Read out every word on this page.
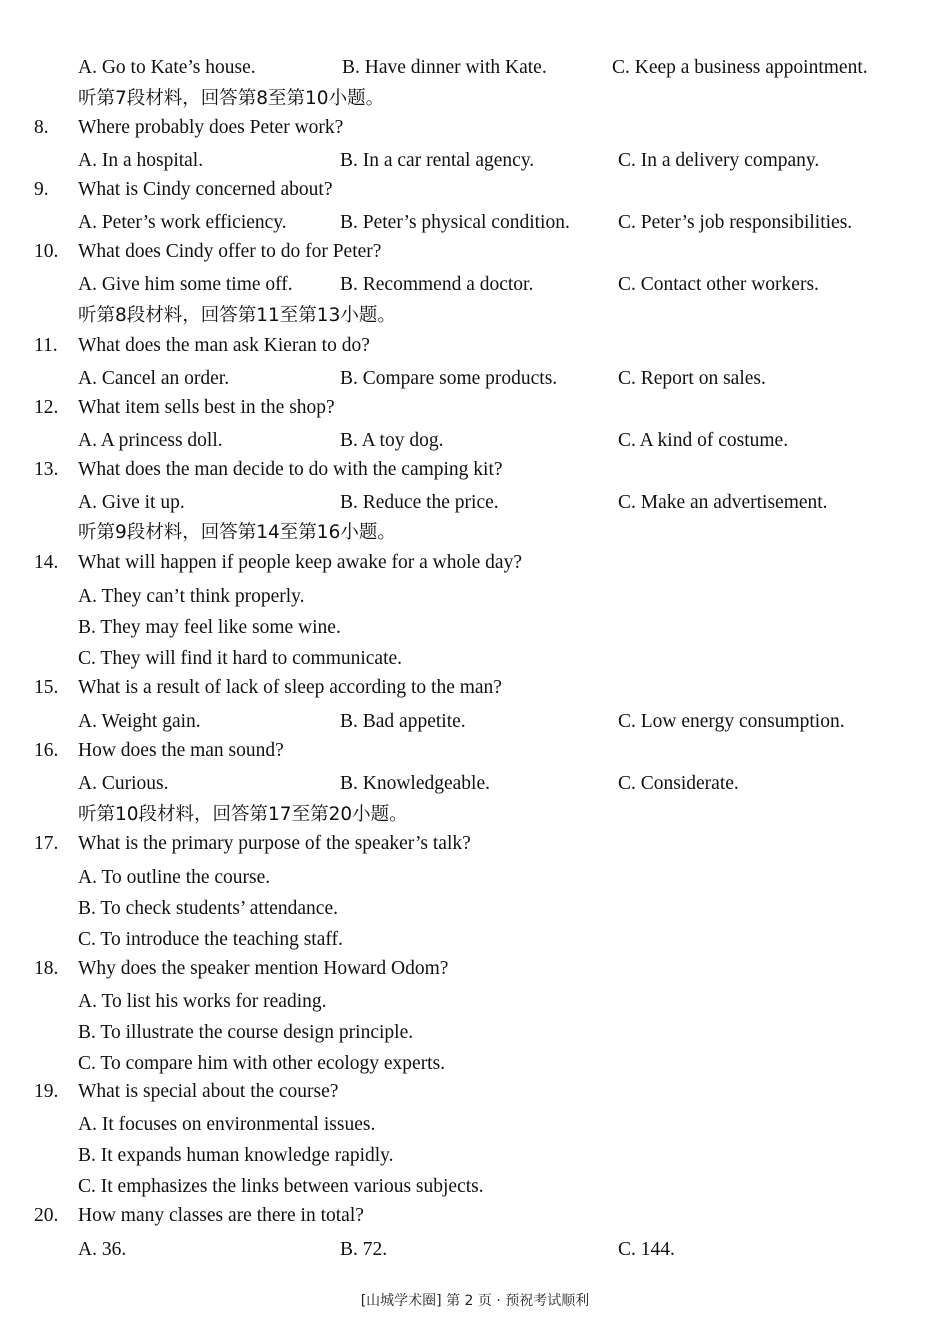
A. Go to Kate’s house.	B. Have dinner with Kate.	C. Keep a business appointment.
听第7段材料，回答第8至第10小题。
8.	Where probably does Peter work?
A. In a hospital.	B. In a car rental agency.	C. In a delivery company.
9.	What is Cindy concerned about?
A. Peter’s work efficiency.	B. Peter’s physical condition. C. Peter’s job responsibilities.
10.	What does Cindy offer to do for Peter?
A. Give him some time off. B. Recommend a doctor.	C. Contact other workers.
听第8段材料，回答第11至第13小题。
11.	What does the man ask Kieran to do?
A. Cancel an order.	B. Compare some products.	C. Report on sales.
12.	What item sells best in the shop?
A. A princess doll.	B. A toy dog.	C. A kind of costume.
13.	What does the man decide to do with the camping kit?
A. Give it up.	B. Reduce the price.	C. Make an advertisement.
听第9段材料，回答第14至第16小题。
14.	What will happen if people keep awake for a whole day?
A. They can’t think properly.
B. They may feel like some wine.
C. They will find it hard to communicate.
15.	What is a result of lack of sleep according to the man?
A. Weight gain.	B. Bad appetite.	C. Low energy consumption.
16.	How does the man sound?
A. Curious.	B. Knowledgeable.	C. Considerate.
听第10段材料，回答第17至第20小题。
17.	What is the primary purpose of the speaker’s talk?
A. To outline the course.
B. To check students’ attendance.
C. To introduce the teaching staff.
18.	Why does the speaker mention Howard Odom?
A. To list his works for reading.
B. To illustrate the course design principle.
C. To compare him with other ecology experts.
19.	What is special about the course?
A. It focuses on environmental issues.
B. It expands human knowledge rapidly.
C. It emphasizes the links between various subjects.
20.	How many classes are there in total?
A. 36.	B. 72.	C. 144.
[山城学术圈] 第 2 页 · 预祝考试顺利
